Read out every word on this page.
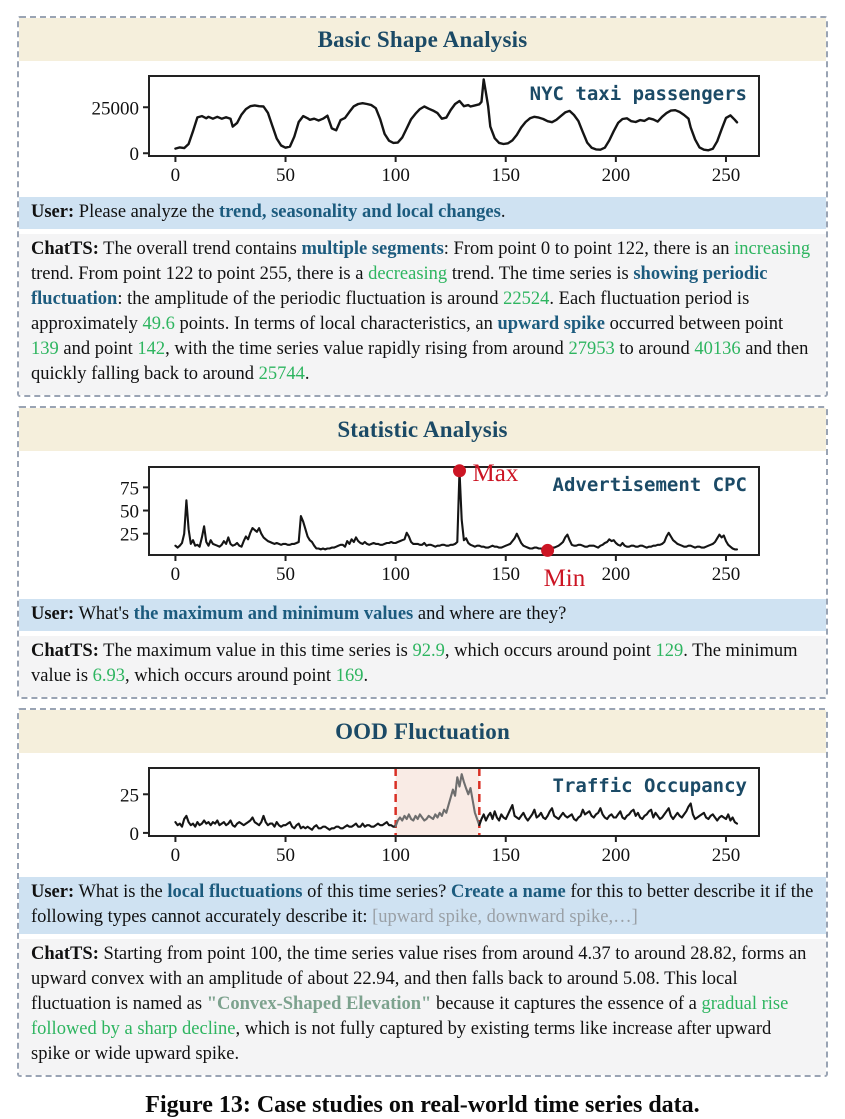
Basic Shape Analysis
0	50	100	150	200	250
0
25000
NYC taxi passengers
User: Please analyze the trend, seasonality and local changes.
ChatTS: The overall trend contains multiple segments: From point 0 to point 122, there is an increasing trend. From point 122 to point 255, there is a decreasing trend. The time series is showing periodic fluctuation: the amplitude of the periodic fluctuation is around 22524. Each fluctuation period is approximately 49.6 points. In terms of local characteristics, an upward spike occurred between point 139 and point 142, with the time series value rapidly rising from around 27953 to around 40136 and then quickly falling back to around 25744.
Statistic Analysis
0	50	100	150	200	250
25
50
75	Advertisement CPC
Max
Min
User: What's the maximum and minimum values and where are they?
ChatTS: The maximum value in this time series is 92.9, which occurs around point 129. The minimum value is 6.93, which occurs around point 169.
OOD Fluctuation
0	50	100	150	200	250
0
25	Traffic Occupancy
User: What is the local fluctuations of this time series? Create a name for this to better describe it if the following types cannot accurately describe it: [upward spike, downward spike,…]
ChatTS: Starting from point 100, the time series value rises from around 4.37 to around 28.82, forms an upward convex with an amplitude of about 22.94, and then falls back to around 5.08. This local fluctuation is named as "Convex-Shaped Elevation" because it captures the essence of a gradual rise followed by a sharp decline, which is not fully captured by existing terms like increase after upward spike or wide upward spike.
Figure 13: Case studies on real-world time series data.
